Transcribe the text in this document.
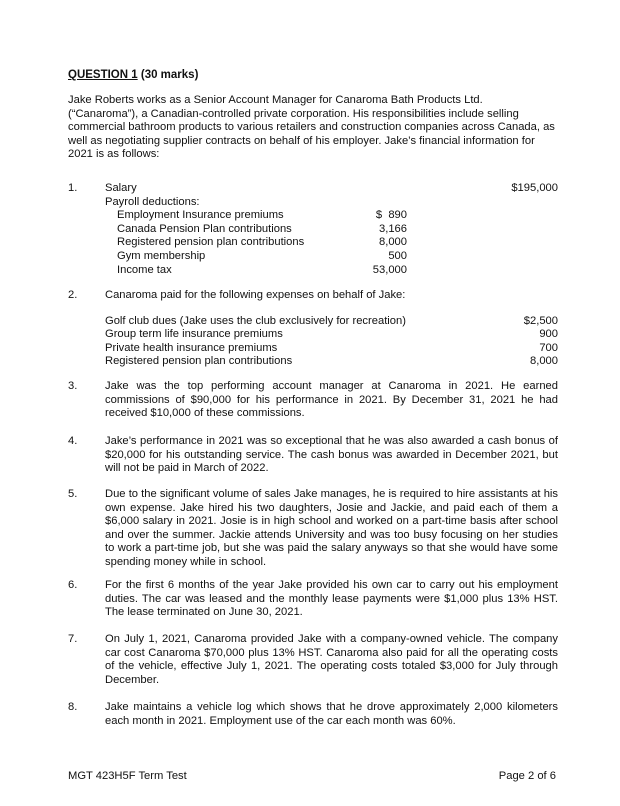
QUESTION 1 (30 marks)
Jake Roberts works as a Senior Account Manager for Canaroma Bath Products Ltd. (“Canaroma”), a Canadian-controlled private corporation. His responsibilities include selling commercial bathroom products to various retailers and construction companies across Canada, as well as negotiating supplier contracts on behalf of his employer. Jake’s financial information for 2021 is as follows:
1.	Salary	$195,000
Payroll deductions:
Employment Insurance premiums	$  890
Canada Pension Plan contributions	3,166
Registered pension plan contributions	8,000
Gym membership	500
Income tax	53,000
2.	Canaroma paid for the following expenses on behalf of Jake:
Golf club dues (Jake uses the club exclusively for recreation)	$2,500
Group term life insurance premiums	900
Private health insurance premiums	700
Registered pension plan contributions	8,000
3.	Jake was the top performing account manager at Canaroma in 2021. He earned commissions of $90,000 for his performance in 2021. By December 31, 2021 he had received $10,000 of these commissions.
4.	Jake’s performance in 2021 was so exceptional that he was also awarded a cash bonus of $20,000 for his outstanding service. The cash bonus was awarded in December 2021, but will not be paid in March of 2022.
5.	Due to the significant volume of sales Jake manages, he is required to hire assistants at his own expense. Jake hired his two daughters, Josie and Jackie, and paid each of them a $6,000 salary in 2021. Josie is in high school and worked on a part-time basis after school and over the summer. Jackie attends University and was too busy focusing on her studies to work a part-time job, but she was paid the salary anyways so that she would have some spending money while in school.
6.	For the first 6 months of the year Jake provided his own car to carry out his employment duties. The car was leased and the monthly lease payments were $1,000 plus 13% HST. The lease terminated on June 30, 2021.
7.	On July 1, 2021, Canaroma provided Jake with a company-owned vehicle. The company car cost Canaroma $70,000 plus 13% HST. Canaroma also paid for all the operating costs of the vehicle, effective July 1, 2021. The operating costs totaled $3,000 for July through December.
8.	Jake maintains a vehicle log which shows that he drove approximately 2,000 kilometers each month in 2021. Employment use of the car each month was 60%.
MGT 423H5F Term Test	Page 2 of 6
